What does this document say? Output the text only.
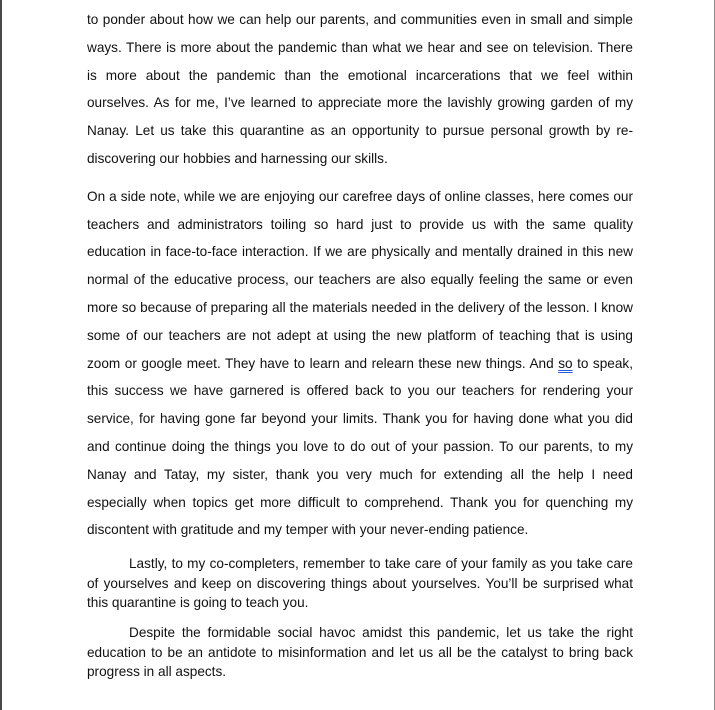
to ponder about how we can help our parents, and communities even in small and simple ways. There is more about the pandemic than what we hear and see on television. There is more about the pandemic than the emotional incarcerations that we feel within ourselves. As for me, I’ve learned to appreciate more the lavishly growing garden of my Nanay. Let us take this quarantine as an opportunity to pursue personal growth by re-discovering our hobbies and harnessing our skills.

On a side note, while we are enjoying our carefree days of online classes, here comes our teachers and administrators toiling so hard just to provide us with the same quality education in face-to-face interaction. If we are physically and mentally drained in this new normal of the educative process, our teachers are also equally feeling the same or even more so because of preparing all the materials needed in the delivery of the lesson. I know some of our teachers are not adept at using the new platform of teaching that is using zoom or google meet. They have to learn and relearn these new things. And so to speak, this success we have garnered is offered back to you our teachers for rendering your service, for having gone far beyond your limits. Thank you for having done what you did and continue doing the things you love to do out of your passion. To our parents, to my Nanay and Tatay, my sister, thank you very much for extending all the help I need especially when topics get more difficult to comprehend. Thank you for quenching my discontent with gratitude and my temper with your never-ending patience.

Lastly, to my co-completers, remember to take care of your family as you take care of yourselves and keep on discovering things about yourselves. You’ll be surprised what this quarantine is going to teach you.

Despite the formidable social havoc amidst this pandemic, let us take the right education to be an antidote to misinformation and let us all be the catalyst to bring back progress in all aspects.
